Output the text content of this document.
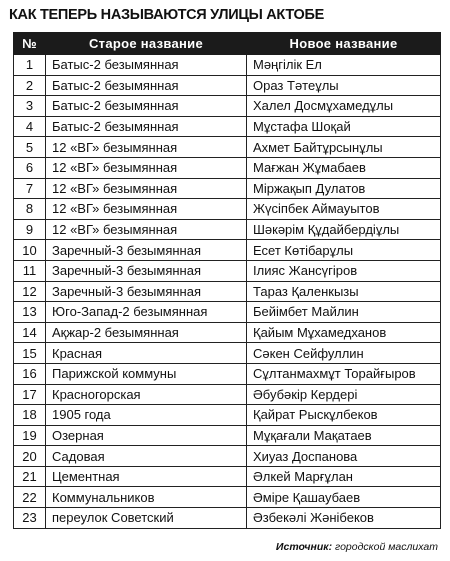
КАК ТЕПЕРЬ НАЗЫВАЮТСЯ УЛИЦЫ АКТОБЕ
№	Старое название	Новое название
1	Батыс-2 безымянная	Мәңгілік Ел
2	Батыс-2 безымянная	Ораз Тәтеұлы
3	Батыс-2 безымянная	Халел Досмұхамедұлы
4	Батыс-2 безымянная	Мұстафа Шоқай
5	12 «ВГ» безымянная	Ахмет Байтұрсынұлы
6	12 «ВГ» безымянная	Мағжан Жұмабаев
7	12 «ВГ» безымянная	Міржақып Дулатов
8	12 «ВГ» безымянная	Жүсіпбек Аймауытов
9	12 «ВГ» безымянная	Шәкәрім Құдайбердіұлы
10	Заречный-3 безымянная	Есет Көтібарұлы
11	Заречный-3 безымянная	Ілияс Жансүгіров
12	Заречный-3 безымянная	Тараз Қаленкызы
13	Юго-Запад-2 безымянная	Бейімбет Майлин
14	Ақжар-2 безымянная	Қайым Мұхамедханов
15	Красная	Сәкен Сейфуллин
16	Парижской коммуны	Сұлтанмахмұт Торайғыров
17	Красногорская	Әбубәкір Кердері
18	1905 года	Қайрат Рыскұлбеков
19	Озерная	Мұқағали Мақатаев
20	Садовая	Хиуаз Доспанова
21	Цементная	Әлкей Марғұлан
22	Коммунальников	Әміре Қашаубаев
23	переулок Советский	Әзбекәлі Жәнібеков
Источник: городской маслихат
